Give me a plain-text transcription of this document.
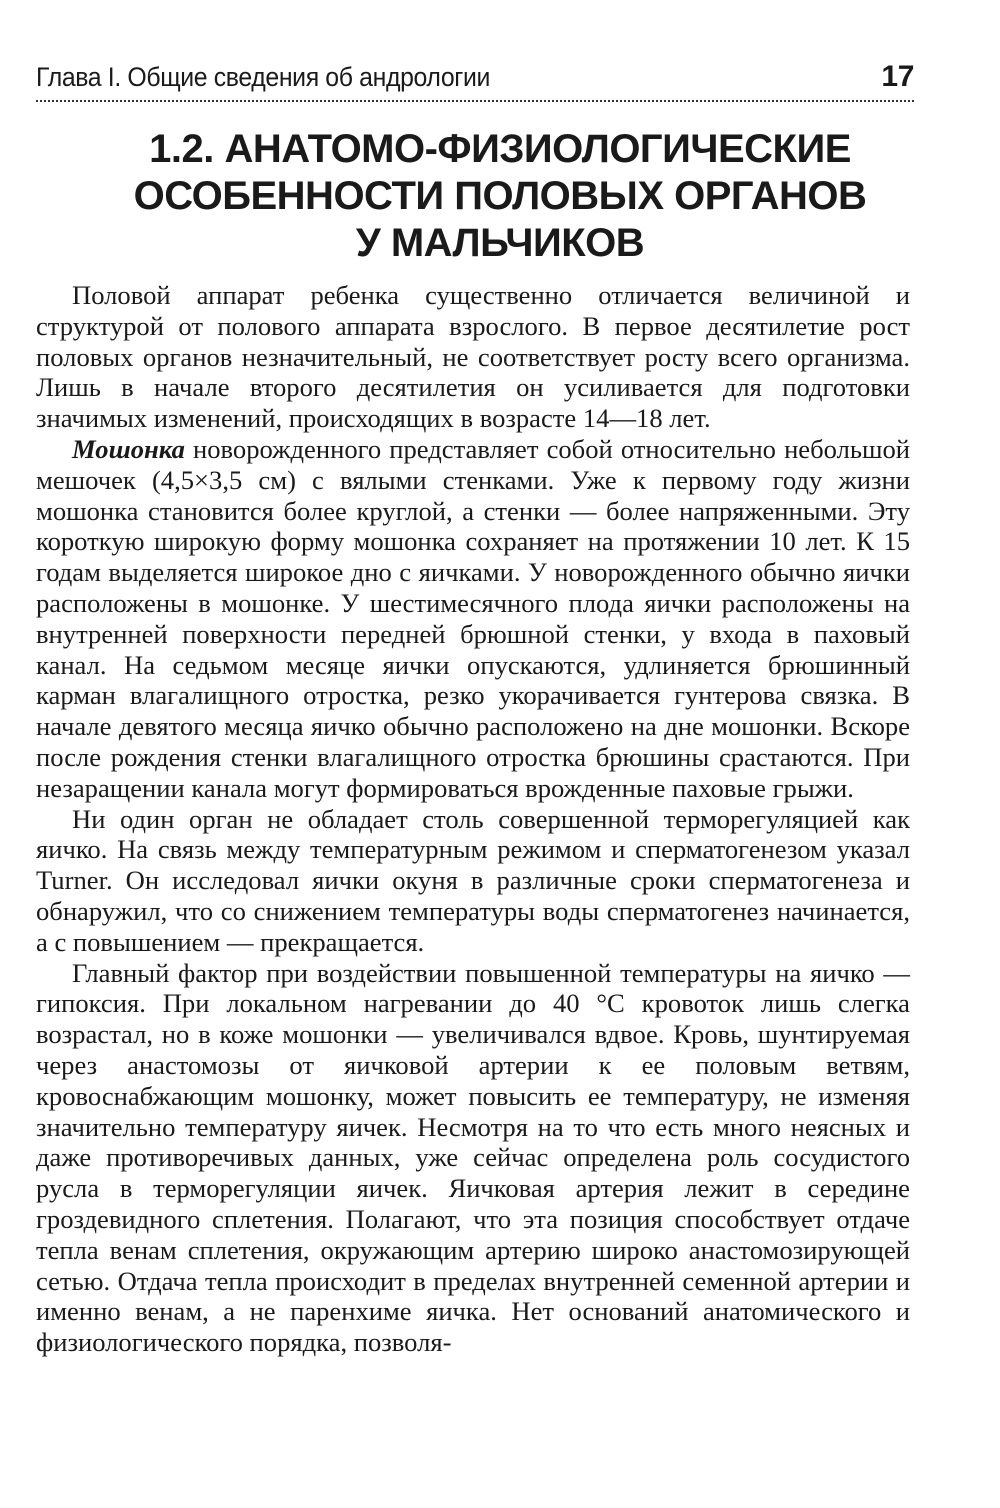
Глава I. Общие сведения об андрологии	17
1.2. АНАТОМО-ФИЗИОЛОГИЧЕСКИЕ
ОСОБЕННОСТИ ПОЛОВЫХ ОРГАНОВ
У МАЛЬЧИКОВ

Половой аппарат ребенка существенно отличается величиной и структурой от полового аппарата взрослого. В первое десятилетие рост половых органов незначительный, не соответствует росту всего организма. Лишь в начале второго десятилетия он усиливается для подготовки значимых изменений, происходящих в возрасте 14—18 лет.

Мошонка новорожденного представляет собой относительно небольшой мешочек (4,5×3,5 см) с вялыми стенками. Уже к первому году жизни мошонка становится более круглой, а стенки — более напряженными. Эту короткую широкую форму мошонка сохраняет на протяжении 10 лет. К 15 годам выделяется широкое дно с яичками. У новорожденного обычно яички расположены в мошонке. У шестимесячного плода яички расположены на внутренней поверхности передней брюшной стенки, у входа в паховый канал. На седьмом месяце яички опускаются, удлиняется брюшинный карман влагалищного отростка, резко укорачивается гунтерова связка. В начале девятого месяца яичко обычно расположено на дне мошонки. Вскоре после рождения стенки влагалищного отростка брюшины срастаются. При незаращении канала могут формироваться врожденные паховые грыжи.

Ни один орган не обладает столь совершенной терморегуляцией как яичко. На связь между температурным режимом и сперматогенезом указал Turner. Он исследовал яички окуня в различные сроки сперматогенеза и обнаружил, что со снижением температуры воды сперматогенез начинается, а с повышением — прекращается.

Главный фактор при воздействии повышенной температуры на яичко — гипоксия. При локальном нагревании до 40 °С кровоток лишь слегка возрастал, но в коже мошонки — увеличивался вдвое. Кровь, шунтируемая через анастомозы от яичковой артерии к ее половым ветвям, кровоснабжающим мошонку, может повысить ее температуру, не изменяя значительно температуру яичек. Несмотря на то что есть много неясных и даже противоречивых данных, уже сейчас определена роль сосудистого русла в терморегуляции яичек. Яичковая артерия лежит в середине гроздевидного сплетения. Полагают, что эта позиция способствует отдаче тепла венам сплетения, окружающим артерию широко анастомозирующей сетью. Отдача тепла происходит в пределах внутренней семенной артерии и именно венам, а не паренхиме яичка. Нет оснований анатомического и физиологического порядка, позволя-
